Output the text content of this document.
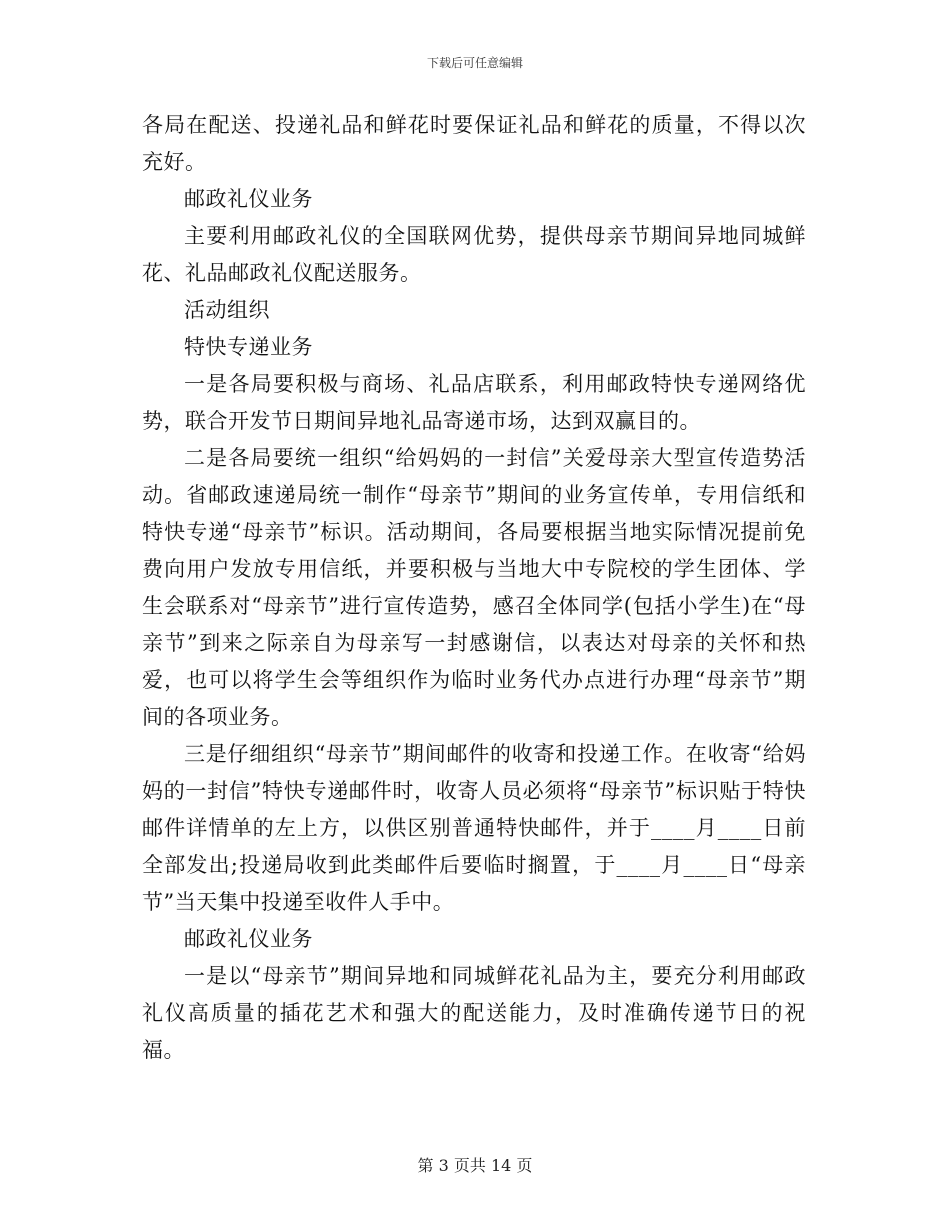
下载后可任意编辑

各局在配送、投递礼品和鲜花时要保证礼品和鲜花的质量，不得以次充好。

邮政礼仪业务

主要利用邮政礼仪的全国联网优势，提供母亲节期间异地同城鲜花、礼品邮政礼仪配送服务。

活动组织

特快专递业务

一是各局要积极与商场、礼品店联系，利用邮政特快专递网络优势，联合开发节日期间异地礼品寄递市场，达到双赢目的。

二是各局要统一组织“给妈妈的一封信”关爱母亲大型宣传造势活动。省邮政速递局统一制作“母亲节”期间的业务宣传单，专用信纸和特快专递“母亲节”标识。活动期间，各局要根据当地实际情况提前免费向用户发放专用信纸，并要积极与当地大中专院校的学生团体、学生会联系对“母亲节”进行宣传造势，感召全体同学(包括小学生)在“母亲节”到来之际亲自为母亲写一封感谢信，以表达对母亲的关怀和热爱，也可以将学生会等组织作为临时业务代办点进行办理“母亲节”期间的各项业务。

三是仔细组织“母亲节”期间邮件的收寄和投递工作。在收寄“给妈妈的一封信”特快专递邮件时，收寄人员必须将“母亲节”标识贴于特快邮件详情单的左上方，以供区别普通特快邮件，并于____月____日前全部发出;投递局收到此类邮件后要临时搁置，于____月____日“母亲节”当天集中投递至收件人手中。

邮政礼仪业务

一是以“母亲节”期间异地和同城鲜花礼品为主，要充分利用邮政礼仪高质量的插花艺术和强大的配送能力，及时准确传递节日的祝福。

第 3 页共 14 页
